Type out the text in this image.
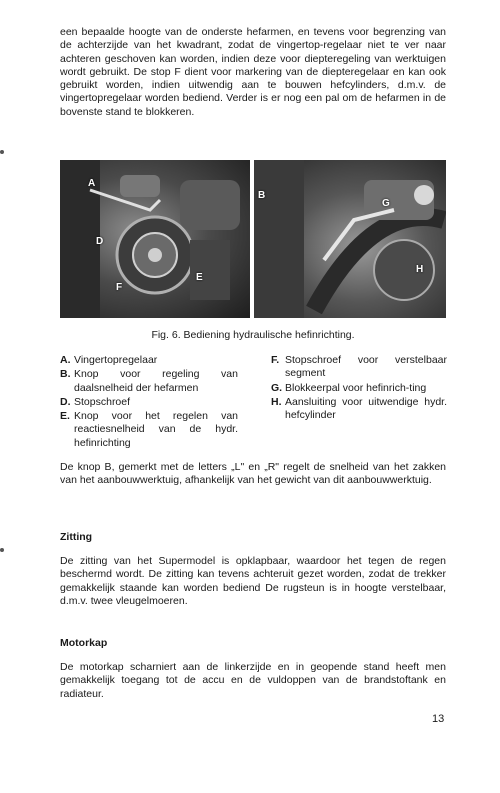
een bepaalde hoogte van de onderste hefarmen, en tevens voor begrenzing van de achterzijde van het kwadrant, zodat de vingertop-regelaar niet te ver naar achteren geschoven kan worden, indien deze voor diepteregeling van werktuigen wordt gebruikt. De stop F dient voor markering van de diepteregelaar en kan ook gebruikt worden, indien uitwendig aan te bouwen hefcylinders, d.m.v. de vingertopregelaar worden bediend. Verder is er nog een pal om de hefarmen in de bovenste stand te blokkeren.

A
D
F
E
B
G
H

Fig. 6. Bediening hydraulische hefinrichting.

A. Vingertopregelaar
B. Knop voor regeling van daalsnelheid der hefarmen
D. Stopschroef
E. Knop voor het regelen van reactiesnelheid van de hydr. hefinrichting
F. Stopschroef voor verstelbaar segment
G. Blokkeerpal voor hefinrich-ting
H. Aansluiting voor uitwendige hydr. hefcylinder

De knop B, gemerkt met de letters „L" en „R" regelt de snelheid van het zakken van het aanbouwwerktuig, afhankelijk van het gewicht van dit aanbouwwerktuig.

Zitting

De zitting van het Supermodel is opklapbaar, waardoor het tegen de regen beschermd wordt. De zitting kan tevens achteruit gezet worden, zodat de trekker gemakkelijk staande kan worden bediend De rugsteun is in hoogte verstelbaar, d.m.v. twee vleugelmoeren.

Motorkap

De motorkap scharniert aan de linkerzijde en in geopende stand heeft men gemakkelijk toegang tot de accu en de vuldoppen van de brandstoftank en radiateur.

13
